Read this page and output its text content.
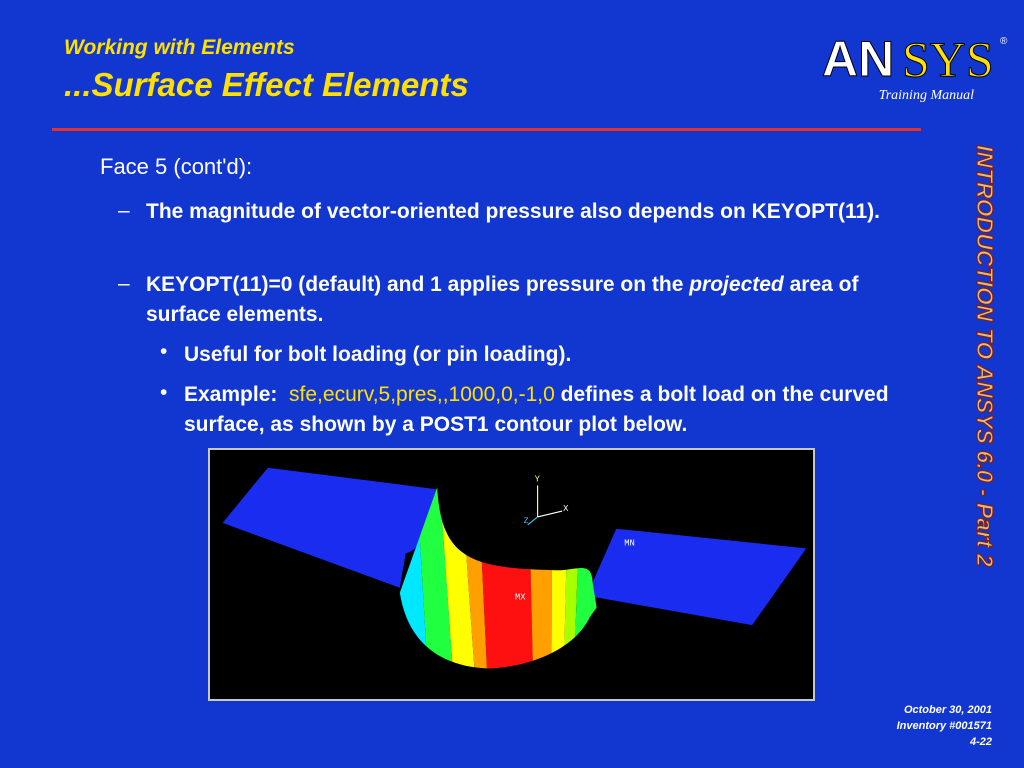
Working with Elements
...Surface Effect Elements	AN SYS ®
Training Manual
INTRODUCTION TO ANSYS 6.0 - Part 2
Face 5 (cont'd):
– The magnitude of vector-oriented pressure also depends on KEYOPT(11).
– KEYOPT(11)=0 (default) and 1 applies pressure on the projected area of surface elements.
• Useful for bolt loading (or pin loading).
• Example: sfe,ecurv,5,pres,,1000,0,-1,0 defines a bolt load on the curved surface, as shown by a POST1 contour plot below.
Y
X
Z
MN
MX
October 30, 2001
Inventory #001571
4-22
